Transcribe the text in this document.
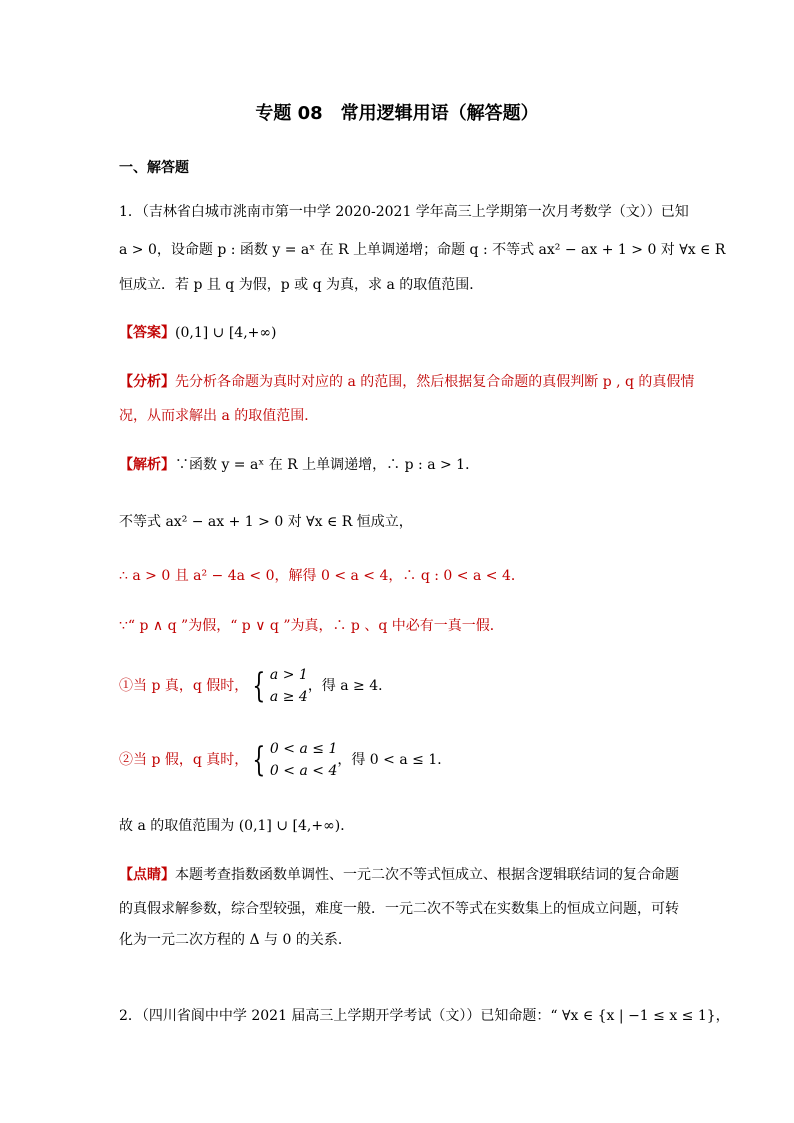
专题 08　常用逻辑用语（解答题）
一、解答题
1．（吉林省白城市洮南市第一中学 2020-2021 学年高三上学期第一次月考数学（文））已知
a > 0，设命题 p : 函数 y = aˣ 在 R 上单调递增；命题 q : 不等式 ax² − ax + 1 > 0 对 ∀x ∈ R
恒成立．若 p 且 q 为假，p 或 q 为真，求 a 的取值范围．
【答案】(0,1] ∪ [4,+∞)
【分析】先分析各命题为真时对应的 a 的范围，然后根据复合命题的真假判断 p , q 的真假情
况，从而求解出 a 的取值范围．
【解析】∵函数 y = aˣ 在 R 上单调递增，∴ p : a > 1．
不等式 ax² − ax + 1 > 0 对 ∀x ∈ R 恒成立，
∴ a > 0 且 a² − 4a < 0，解得 0 < a < 4，∴ q : 0 < a < 4．
∵“ p ∧ q ”为假，“ p ∨ q ”为真，∴ p 、q 中必有一真一假．
①当 p 真，q 假时， { a > 1
a ≥ 4，得 a ≥ 4．
②当 p 假，q 真时， { 0 < a ≤ 1
0 < a < 4，得 0 < a ≤ 1．
故 a 的取值范围为 (0,1] ∪ [4,+∞)．
【点睛】本题考查指数函数单调性、一元二次不等式恒成立、根据含逻辑联结词的复合命题
的真假求解参数，综合型较强，难度一般．一元二次不等式在实数集上的恒成立问题，可转
化为一元二次方程的 Δ 与 0 的关系．
2．（四川省阆中中学 2021 届高三上学期开学考试（文））已知命题：“ ∀x ∈ {x | −1 ≤ x ≤ 1}，
